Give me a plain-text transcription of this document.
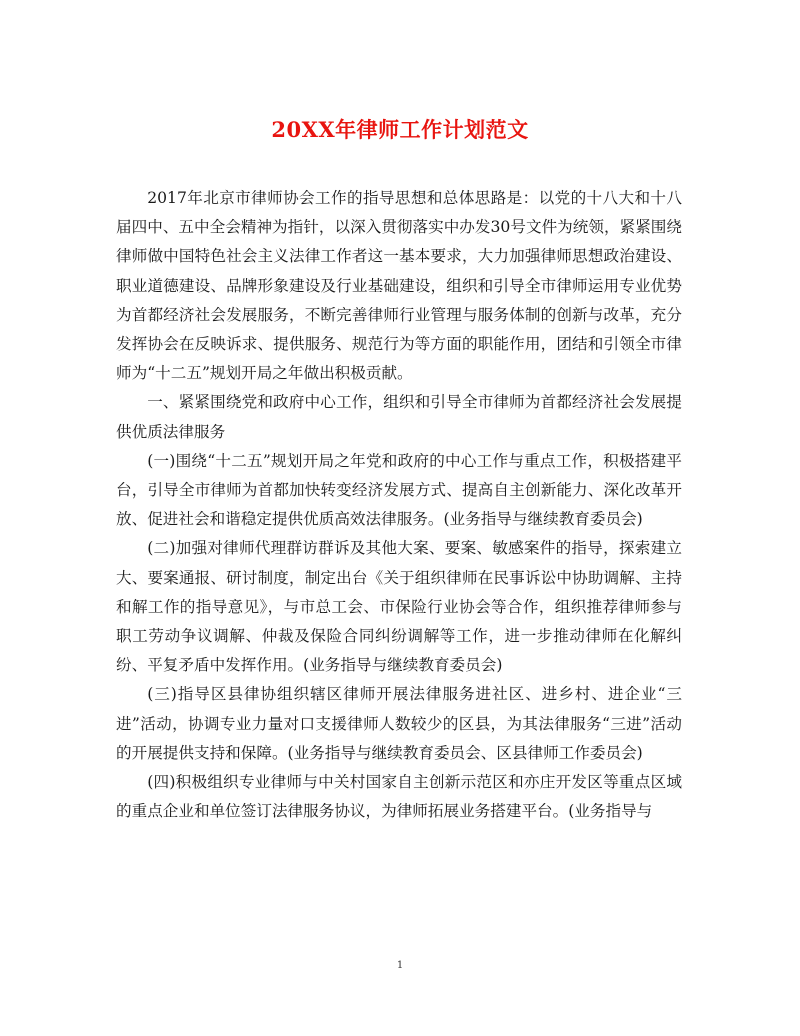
20XX年律师工作计划范文

2017年北京市律师协会工作的指导思想和总体思路是：以党的十八大和十八届四中、五中全会精神为指针，以深入贯彻落实中办发30号文件为统领，紧紧围绕律师做中国特色社会主义法律工作者这一基本要求，大力加强律师思想政治建设、职业道德建设、品牌形象建设及行业基础建设，组织和引导全市律师运用专业优势为首都经济社会发展服务，不断完善律师行业管理与服务体制的创新与改革，充分发挥协会在反映诉求、提供服务、规范行为等方面的职能作用，团结和引领全市律师为“十二五”规划开局之年做出积极贡献。

一、紧紧围绕党和政府中心工作，组织和引导全市律师为首都经济社会发展提供优质法律服务

(一)围绕“十二五”规划开局之年党和政府的中心工作与重点工作，积极搭建平台，引导全市律师为首都加快转变经济发展方式、提高自主创新能力、深化改革开放、促进社会和谐稳定提供优质高效法律服务。(业务指导与继续教育委员会)

(二)加强对律师代理群访群诉及其他大案、要案、敏感案件的指导，探索建立大、要案通报、研讨制度，制定出台《关于组织律师在民事诉讼中协助调解、主持和解工作的指导意见》，与市总工会、市保险行业协会等合作，组织推荐律师参与职工劳动争议调解、仲裁及保险合同纠纷调解等工作，进一步推动律师在化解纠纷、平复矛盾中发挥作用。(业务指导与继续教育委员会)

(三)指导区县律协组织辖区律师开展法律服务进社区、进乡村、进企业“三进”活动，协调专业力量对口支援律师人数较少的区县，为其法律服务“三进”活动的开展提供支持和保障。(业务指导与继续教育委员会、区县律师工作委员会)

(四)积极组织专业律师与中关村国家自主创新示范区和亦庄开发区等重点区域的重点企业和单位签订法律服务协议，为律师拓展业务搭建平台。(业务指导与

1
